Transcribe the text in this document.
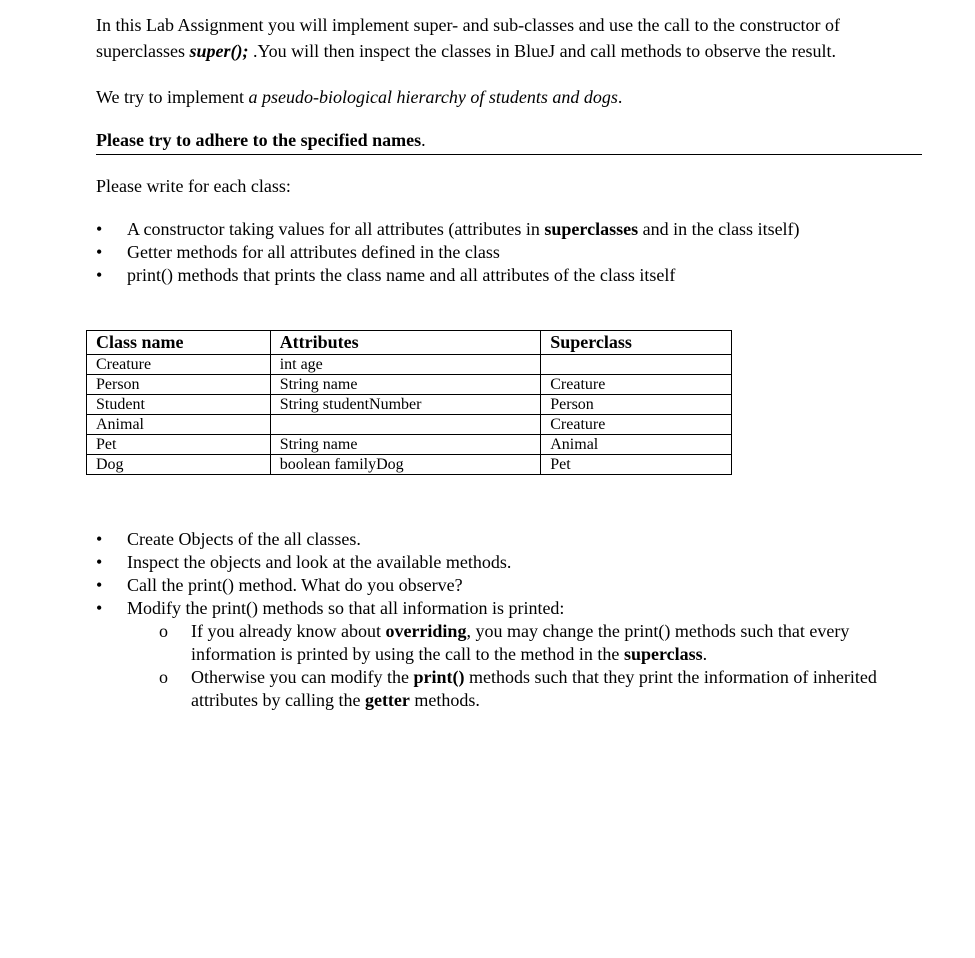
In this Lab Assignment you will implement super- and sub-classes and use the call to the constructor of superclasses super(); .You will then inspect the classes in BlueJ and call methods to observe the result.

We try to implement a pseudo-biological hierarchy of students and dogs.

Please try to adhere to the specified names.

Please write for each class:

•	A constructor taking values for all attributes (attributes in superclasses and in the class itself)
•	Getter methods for all attributes defined in the class
•	print() methods that prints the class name and all attributes of the class itself
Class name	Attributes	Superclass
Creature	int age	
Person	String name	Creature
Student	String studentNumber	Person
Animal		Creature
Pet	String name	Animal
Dog	boolean familyDog	Pet
•	Create Objects of the all classes.
•	Inspect the objects and look at the available methods.
•	Call the print() method. What do you observe?
•	Modify the print() methods so that all information is printed:
o	If you already know about overriding, you may change the print() methods such that every information is printed by using the call to the method in the superclass.
o	Otherwise you can modify the print() methods such that they print the information of inherited attributes by calling the getter methods.
